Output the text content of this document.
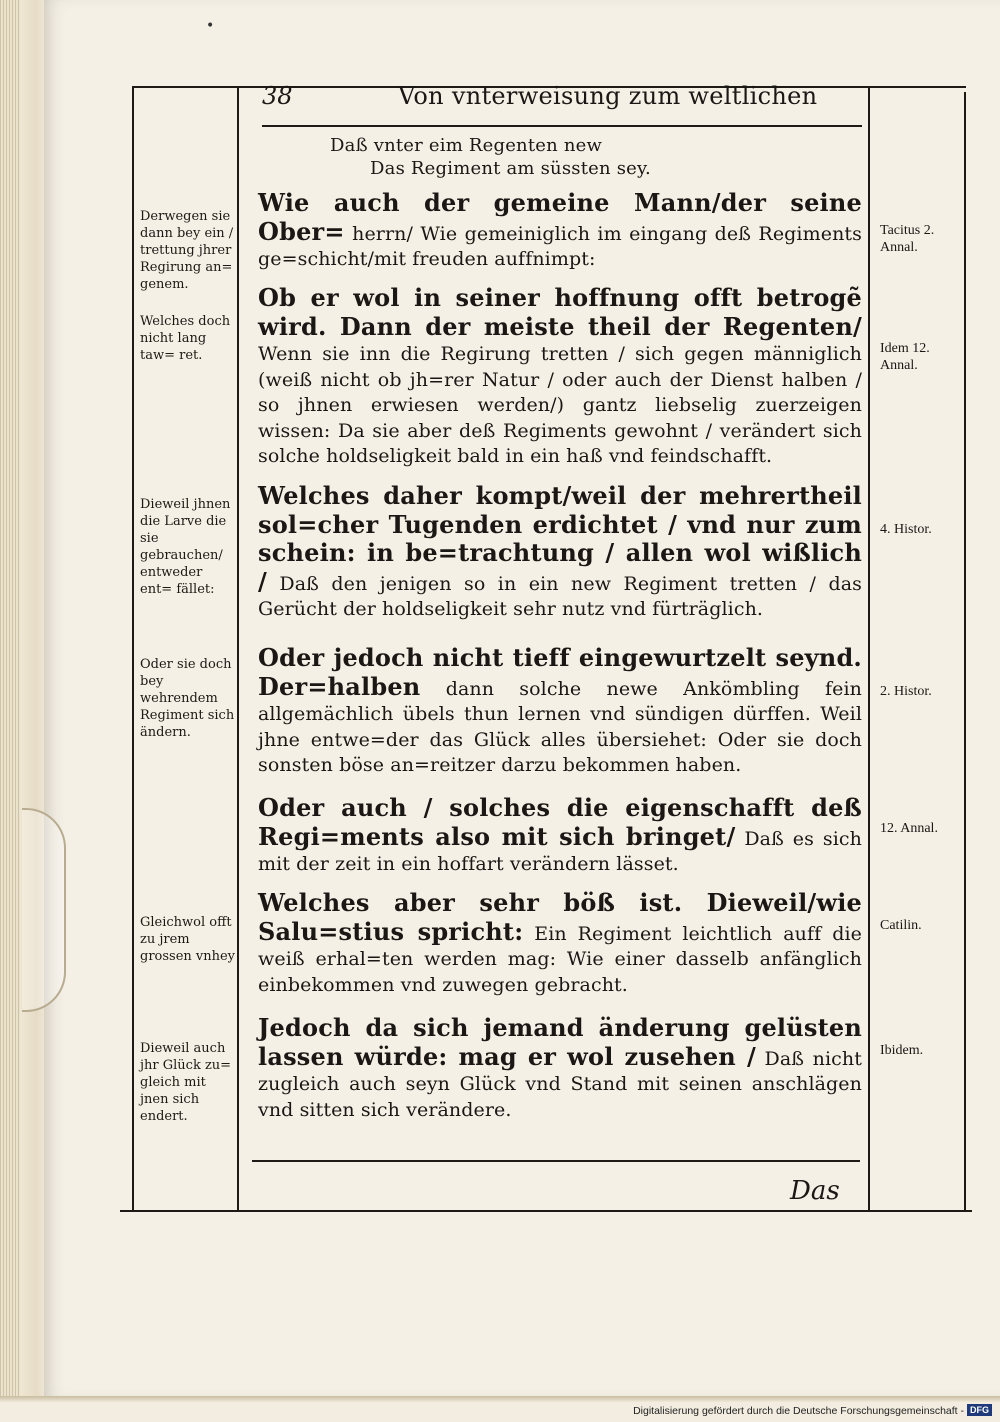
•
38	Von vnterweisung zum weltlichen
Daß vnter eim Regenten new
Das Regiment am süssten sey.
Wie auch der gemeine Mann/der seine Ober= herrn/ Wie gemeiniglich im eingang deß Regiments ge=schicht/mit freuden auffnimpt:
Ob er wol in seiner hoffnung offt betrogẽ wird. Dann der meiste theil der Regenten/ Wenn sie inn die Regirung tretten / sich gegen männiglich (weiß nicht ob jh=rer Natur / oder auch der Dienst halben / so jhnen erwiesen werden/) gantz liebselig zuerzeigen wissen: Da sie aber deß Regiments gewohnt / verändert sich solche holdseligkeit bald in ein haß vnd feindschafft.
Welches daher kompt/weil der mehrertheil sol=cher Tugenden erdichtet / vnd nur zum schein: in be=trachtung / allen wol wißlich / Daß den jenigen so in ein new Regiment tretten / das Gerücht der holdseligkeit sehr nutz vnd fürträglich.
Oder jedoch nicht tieff eingewurtzelt seynd. Der=halben dann solche newe Ankömbling fein allgemächlich übels thun lernen vnd sündigen dürffen. Weil jhne entwe=der das Glück alles übersiehet: Oder sie doch sonsten böse an=reitzer darzu bekommen haben.
Oder auch / solches die eigenschafft deß Regi=ments also mit sich bringet/ Daß es sich mit der zeit in ein hoffart verändern lässet.
Welches aber sehr böß ist. Dieweil/wie Salu=stius spricht: Ein Regiment leichtlich auff die weiß erhal=ten werden mag: Wie einer dasselb anfänglich einbekommen vnd zuwegen gebracht.
Jedoch da sich jemand änderung gelüsten lassen würde: mag er wol zusehen / Daß nicht zugleich auch seyn Glück vnd Stand mit seinen anschlägen vnd sitten sich verändere.
Derwegen sie dann bey ein / trettung jhrer Regirung an= genem.
Welches doch nicht lang taw= ret.
Dieweil jhnen die Larve die sie gebrauchen/ entweder ent= fället:
Oder sie doch bey wehrendem Regiment sich ändern.
Gleichwol offt zu jrem grossen vnhey
Dieweil auch jhr Glück zu= gleich mit jnen sich endert.
Tacitus 2. Annal.
Idem 12. Annal.
4. Histor.
2. Histor.
12. Annal.
Catilin.
Ibidem.
Das
Digitalisierung gefördert durch die Deutsche Forschungsgemeinschaft - DFG
